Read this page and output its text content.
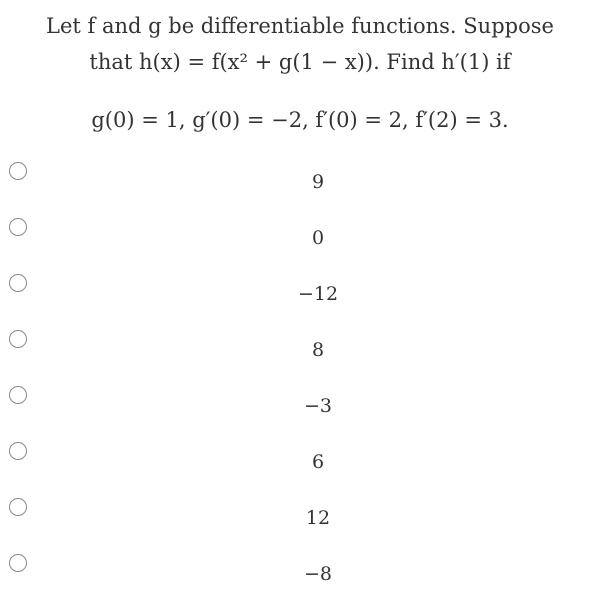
Let f and g be differentiable functions. Suppose
that h(x) = f(x² + g(1 − x)). Find h′(1) if
g(0) = 1, g′(0) = −2, f′(0) = 2, f′(2) = 3.
9
0
−12
8
−3
6
12
−8
